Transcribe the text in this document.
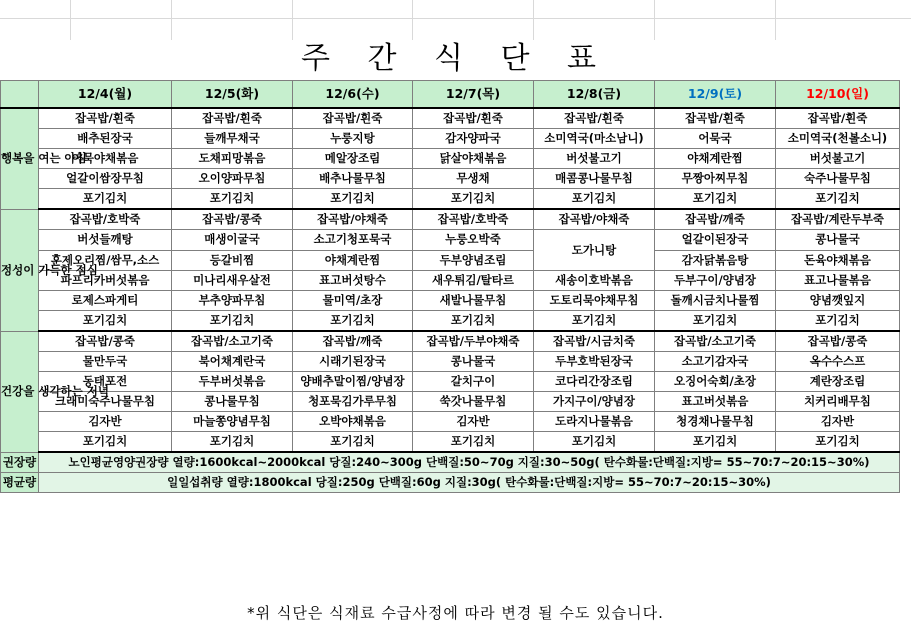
주 간 식 단 표
	12/4(월)	12/5(화)	12/6(수)	12/7(목)	12/8(금)	12/9(토)	12/10(일)
행복을 여는 아침	잡곡밥/흰죽	잡곡밥/흰죽	잡곡밥/흰죽	잡곡밥/흰죽	잡곡밥/흰죽	잡곡밥/흰죽	잡곡밥/흰죽
	배추된장국	들깨무채국	누룽지탕	감자양파국	소미역국(마소남니)	어묵국	소미역국(천볼소니)
	어묵야채볶음	도채피망볶음	메알장조림	닭살야채볶음	버섯불고기	야채계란찜	버섯불고기
	얼갈이쌈장무침	오이양파무침	배추나물무침	무생채	매콤콩나물무침	무짱아찌무침	숙주나물무침
	포기김치	포기김치	포기김치	포기김치	포기김치	포기김치	포기김치
정성이 가득한 점심	잡곡밥/호박죽	잡곡밥/콩죽	잡곡밥/야채죽	잡곡밥/호박죽	잡곡밥/야채죽	잡곡밥/깨죽	잡곡밥/계란두부죽
	버섯들깨탕	매생이굴국	소고기청포묵국	누룽오박죽	도가니탕	얼갈이된장국	콩나물국
	훈제오리찜/쌈무,소스	등갈비찜	야채계란찜	두부양념조림		감자닭볶음탕	돈육야채볶음
	파프리카버섯볶음	미나리새우살전	표고버섯탕수	새우튀김/탈타르	새송이호박볶음	두부구이/양념장	표고나물볶음
	로제스파게티	부추양파무침	물미역/초장	새발나물무침	도토리묵야채무침	돌깨시금치나물찜	양념깻잎지
	포기김치	포기김치	포기김치	포기김치	포기김치	포기김치	포기김치
건강을 생각하는 저녁	잡곡밥/콩죽	잡곡밥/소고기죽	잡곡밥/깨죽	잡곡밥/두부야채죽	잡곡밥/시금치죽	잡곡밥/소고기죽	잡곡밥/콩죽
	물만두국	북어채계란국	시래기된장국	콩나물국	두부호박된장국	소고기감자국	옥수수스프
	동태포전	두부버섯볶음	양배추말이찜/양념장	갈치구이	코다리간장조림	오징어숙회/초장	계란장조림
	크래미숙주나물무침	콩나물무침	청포묵김가루무침	쑥갓나물무침	가지구이/양념장	표고버섯볶음	치커리배무침
	김자반	마늘쫑양념무침	오박야채볶음	김자반	도라지나물볶음	청경채나물무침	김자반
	포기김치	포기김치	포기김치	포기김치	포기김치	포기김치	포기김치
권장량	노인평균영양권장량 열량:1600kcal~2000kcal 당질:240~300g 단백질:50~70g 지질:30~50g( 탄수화물:단백질:지방= 55~70:7~20:15~30%)						
평균량	일일섭취량 열량:1800kcal 당질:250g 단백질:60g 지질:30g( 탄수화물:단백질:지방= 55~70:7~20:15~30%)						
*위 식단은 식재료 수급사정에 따라 변경 될 수도 있습니다.
